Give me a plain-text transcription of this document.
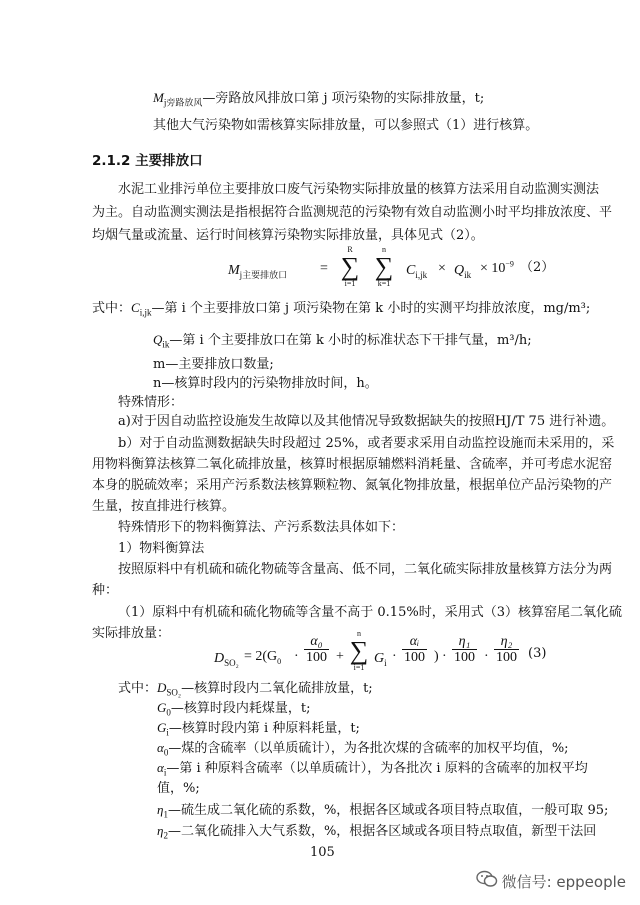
$M_{j旁路放风}—$旁路放风排放口第 j 项污染物的实际排放量，t;
其他大气污染物如需核算实际排放量，可以参照式（1）进行核算。
2.1.2 主要排放口
水泥工业排污单位主要排放口废气污染物实际排放量的核算方法采用自动监测实测法
为主。自动监测实测法是指根据符合监测规范的污染物有效自动监测小时平均排放浓度、平
均烟气量或流量、运行时间核算污染物实际排放量，具体见式（2）。
$M_{j主要排放口}$ =
R
∑
i=1
n
∑
k=1
$C_{i,jk} \times Q_{ik} \times 10^{-9}$ （2）
式中：$C_{i,jk}—$第 i 个主要排放口第 j 项污染物在第 k 小时的实测平均排放浓度，mg/m³;
$Q_{ik}—$第 i 个主要排放口在第 k 小时的标准状态下干排气量，m³/h;
m—主要排放口数量;
n—核算时段内的污染物排放时间，h。
特殊情形：
a)对于因自动监控设施发生故障以及其他情况导致数据缺失的按照HJ/T 75 进行补遗。
b）对于自动监测数据缺失时段超过 25%，或者要求采用自动监控设施而未采用的，采
用物料衡算法核算二氧化硫排放量，核算时根据原辅燃料消耗量、含硫率，并可考虑水泥窑
本身的脱硫效率；采用产污系数法核算颗粒物、氮氧化物排放量，根据单位产品污染物的产
生量，按直排进行核算。
特殊情形下的物料衡算法、产污系数法具体如下：
1）物料衡算法
按照原料中有机硫和硫化物硫等含量高、低不同，二氧化硫实际排放量核算方法分为两
种：
（1）原料中有机硫和硫化物硫等含量不高于 0.15%时，采用式（3）核算窑尾二氧化硫
实际排放量：
$D_{SO_2} = 2(G_0 \cdot \frac{\text{α₀}}{100}$ +
n
∑
i=1
$G_i \cdot \frac{\text{αᵢ}}{100}$ ) · $\frac{\text{η₁}}{100} \cdot \frac{\text{η₂}}{100} (3)$
式中：$D_{SO_2}—$核算时段内二氧化硫排放量，t;
$G_0—$核算时段内耗煤量，t;
$G_i—$核算时段内第 i 种原料耗量，t;
$\alpha_0—$煤的含硫率（以单质硫计），为各批次煤的含硫率的加权平均值，%;
$\alpha_i—$第 i 种原料含硫率（以单质硫计），为各批次 i 原料的含硫率的加权平均
值，%;
$\eta_1—$硫生成二氧化硫的系数，%，根据各区域或各项目特点取值，一般可取 95;
$\eta_2—$二氧化硫排入大气系数，%，根据各区域或各项目特点取值，新型干法回
105
微信号: eppeople
